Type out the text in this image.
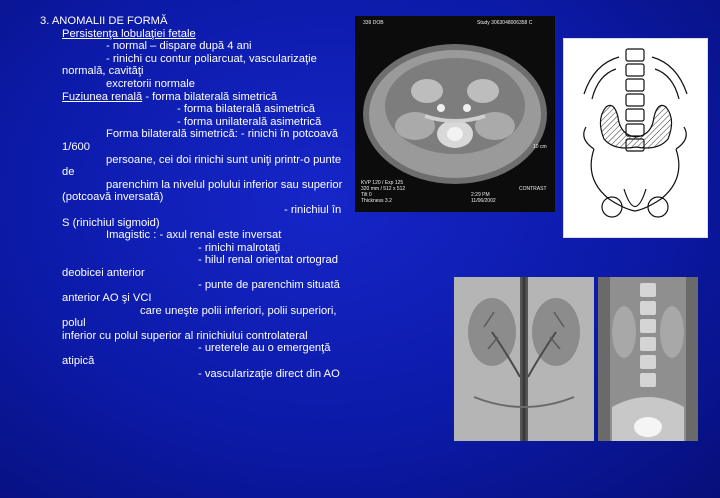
3. ANOMALII DE FORMĂ
Persistenţa lobulaţiei fetale
- normal – dispare după 4 ani
- rinichi cu contur poliarcuat, vascularizaţie normală, cavităţi
excretorii normale
Fuziunea renală - forma bilaterală simetrică
- forma bilaterală asimetrică
- forma unilaterală asimetrică
Forma bilaterală simetrică: - rinichi în potcoavă 1/600
persoane, cei doi rinichi sunt uniţi printr-o punte de
parenchim la nivelul polului inferior sau superior (potcoavă inversată)
- rinichiul în S (rinichiul sigmoid)
Imagistic : - axul renal este inversat
- rinichi malrotaţi
- hilul renal orientat ortograd deobicei anterior
- punte de parenchim situată anterior AO şi VCI
care uneşte polii inferiori, polii superiori, polul
inferior cu polul superior al rinichiului controlateral
- ureterele au o emergenţă atipică
- vascularizaţie direct din AO
339 DOB	Study 3063048006358 C
KVP 120 / Exp 125
320 mm / 512 x 512
Tilt 0
Thickness 3.2
10 cm
2:29 PM
11/06/2002
CONTRAST
